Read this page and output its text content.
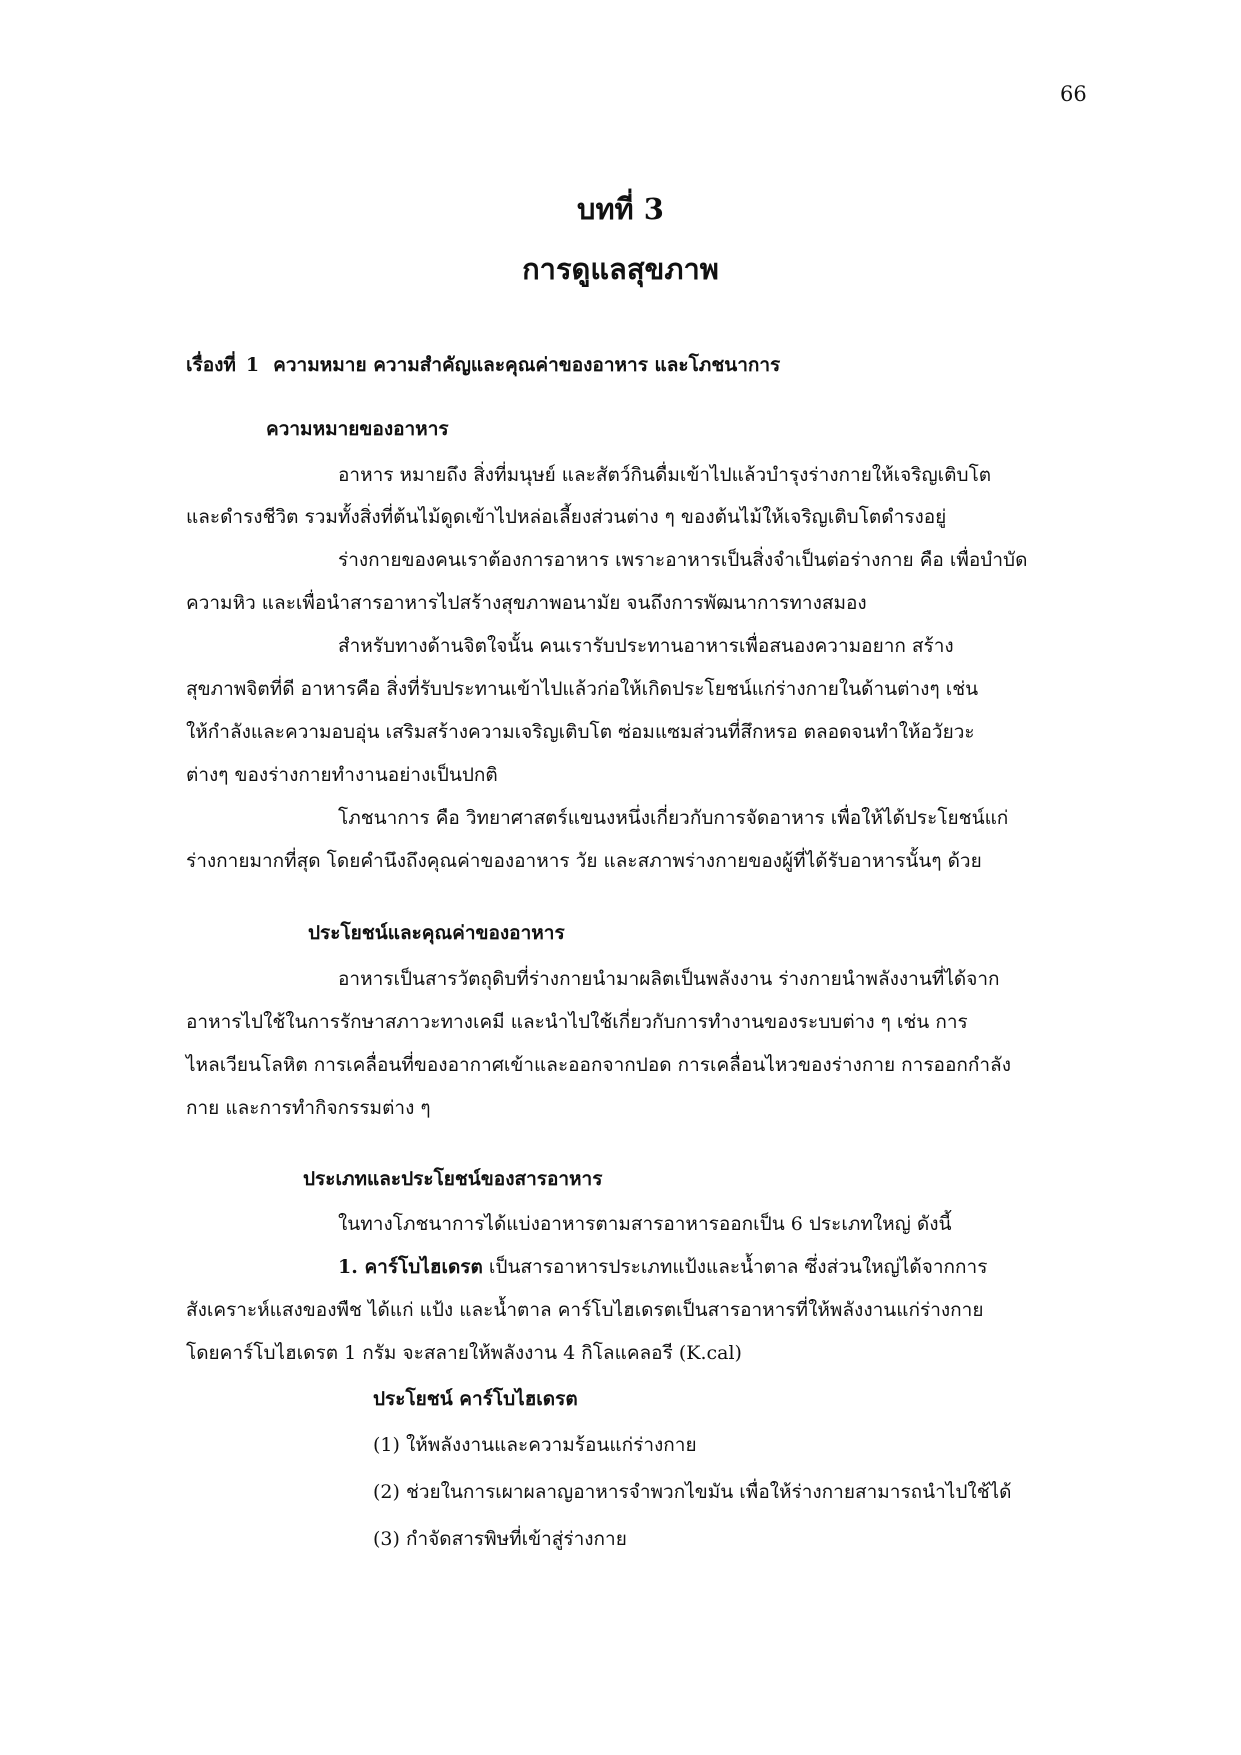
66
บทที่ 3
การดูแลสุขภาพ
เรื่องที่ 1 ความหมาย ความสำคัญและคุณค่าของอาหาร และโภชนาการ
ความหมายของอาหาร
อาหาร หมายถึง สิ่งที่มนุษย์ และสัตว์กินดื่มเข้าไปแล้วบำรุงร่างกายให้เจริญเติบโต
และดำรงชีวิต รวมทั้งสิ่งที่ต้นไม้ดูดเข้าไปหล่อเลี้ยงส่วนต่าง ๆ ของต้นไม้ให้เจริญเติบโตดำรงอยู่
ร่างกายของคนเราต้องการอาหาร เพราะอาหารเป็นสิ่งจำเป็นต่อร่างกาย คือ เพื่อบำบัด
ความหิว และเพื่อนำสารอาหารไปสร้างสุขภาพอนามัย จนถึงการพัฒนาการทางสมอง
สำหรับทางด้านจิตใจนั้น คนเรารับประทานอาหารเพื่อสนองความอยาก สร้าง
สุขภาพจิตที่ดี อาหารคือ สิ่งที่รับประทานเข้าไปแล้วก่อให้เกิดประโยชน์แก่ร่างกายในด้านต่างๆ เช่น
ให้กำลังและความอบอุ่น เสริมสร้างความเจริญเติบโต ซ่อมแซมส่วนที่สึกหรอ ตลอดจนทำให้อวัยวะ
ต่างๆ ของร่างกายทำงานอย่างเป็นปกติ
โภชนาการ คือ วิทยาศาสตร์แขนงหนึ่งเกี่ยวกับการจัดอาหาร เพื่อให้ได้ประโยชน์แก่
ร่างกายมากที่สุด โดยคำนึงถึงคุณค่าของอาหาร วัย และสภาพร่างกายของผู้ที่ได้รับอาหารนั้นๆ ด้วย
ประโยชน์และคุณค่าของอาหาร
อาหารเป็นสารวัตถุดิบที่ร่างกายนำมาผลิตเป็นพลังงาน ร่างกายนำพลังงานที่ได้จาก
อาหารไปใช้ในการรักษาสภาวะทางเคมี และนำไปใช้เกี่ยวกับการทำงานของระบบต่าง ๆ เช่น การ
ไหลเวียนโลหิต การเคลื่อนที่ของอากาศเข้าและออกจากปอด การเคลื่อนไหวของร่างกาย การออกกำลัง
กาย และการทำกิจกรรมต่าง ๆ
ประเภทและประโยชน์ของสารอาหาร
ในทางโภชนาการได้แบ่งอาหารตามสารอาหารออกเป็น 6 ประเภทใหญ่ ดังนี้
1. คาร์โบไฮเดรต เป็นสารอาหารประเภทแป้งและน้ำตาล ซึ่งส่วนใหญ่ได้จากการ
สังเคราะห์แสงของพืช ได้แก่ แป้ง และน้ำตาล คาร์โบไฮเดรตเป็นสารอาหารที่ให้พลังงานแก่ร่างกาย
โดยคาร์โบไฮเดรต 1 กรัม จะสลายให้พลังงาน 4 กิโลแคลอรี (K.cal)
ประโยชน์ คาร์โบไฮเดรต
(1) ให้พลังงานและความร้อนแก่ร่างกาย
(2) ช่วยในการเผาผลาญอาหารจำพวกไขมัน เพื่อให้ร่างกายสามารถนำไปใช้ได้
(3) กำจัดสารพิษที่เข้าสู่ร่างกาย
